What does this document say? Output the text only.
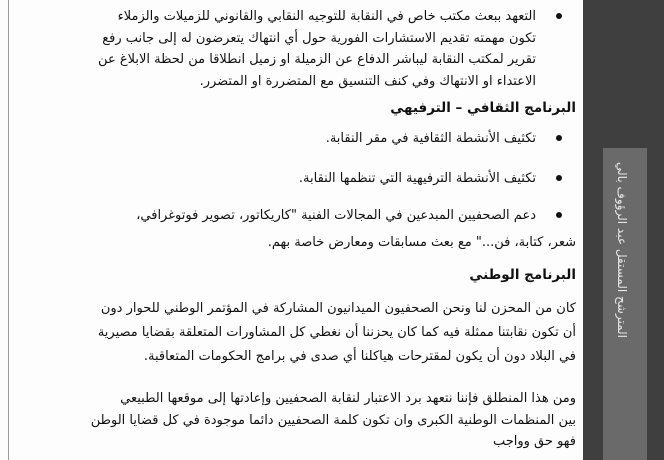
التعهد ببعث مكتب خاص في النقابة للتوجيه النقابي والقانوني للزميلات والزملاء
تكون مهمته تقديم الاستشارات الفورية حول أي انتهاك يتعرضون له إلى جانب رفع
تقرير لمكتب النقابة ليباشر الدفاع عن الزميلة او زميل انطلاقا من لحظة الابلاغ عن
الاعتداء او الانتهاك وفي كنف التنسيق مع المتضررة او المتضرر.
البرنامج الثقافي – الترفيهي
تكثيف الأنشطة الثقافية في مقر النقابة.
تكثيف الأنشطة الترفيهية التي تنظمها النقابة.
دعم الصحفيين المبدعين في المجالات الفنية "كاريكاتور، تصوير فوتوغرافي،
شعر، كتابة، فن..." مع بعث مسابقات ومعارض خاصة بهم.
البرنامج الوطني
كان من المحزن لنا ونحن الصحفيون الميدانيون المشاركة في المؤتمر الوطني للحوار دون
أن تكون نقابتنا ممثلة فيه كما كان يحزننا أن نغطي كل المشاورات المتعلقة بقضايا مصيرية
في البلاد دون أن يكون لمقترحات هياكلنا أي صدى في برامج الحكومات المتعاقبة.
ومن هذا المنطلق فإننا نتعهد برد الاعتبار لنقابة الصحفيين وإعادتها إلى موقعها الطبيعي
بين المنظمات الوطنية الكبرى وان تكون كلمة الصحفيين دائما موجودة في كل قضايا الوطن
فهو حق وواجب
المترشح المستقل عبد الرؤوف بالي
